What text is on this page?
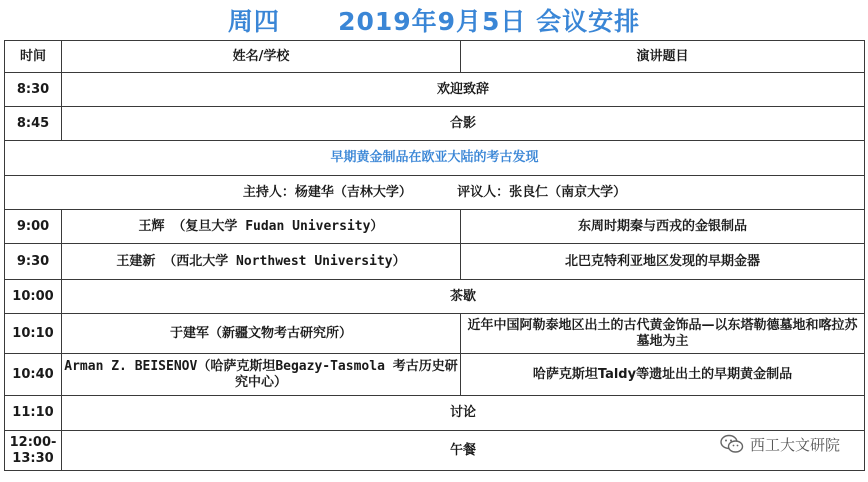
周四
2019年9月5日
会议安排
时间	姓名/学校	演讲题目
8:30	欢迎致辞	
8:45	合影	
早期黄金制品在欧亚大陆的考古发现		
主持人：杨建华（吉林大学） 评议人：张良仁（南京大学）		
9:00	王辉 （复旦大学 Fudan University）	东周时期秦与西戎的金银制品
9:30	王建新 （西北大学 Northwest University）	北巴克特利亚地区发现的早期金器
10:00	茶歇	
10:10	于建军（新疆文物考古研究所）	近年中国阿勒泰地区出土的古代黄金饰品—以东塔勒德墓地和喀拉苏墓地为主
10:40	Arman Z. BEISENOV（哈萨克斯坦Begazy-Tasmola 考古历史研究中心）	哈萨克斯坦Taldy等遗址出土的早期黄金制品
11:10	讨论	
12:00-13:30	午餐		西工大文研院
